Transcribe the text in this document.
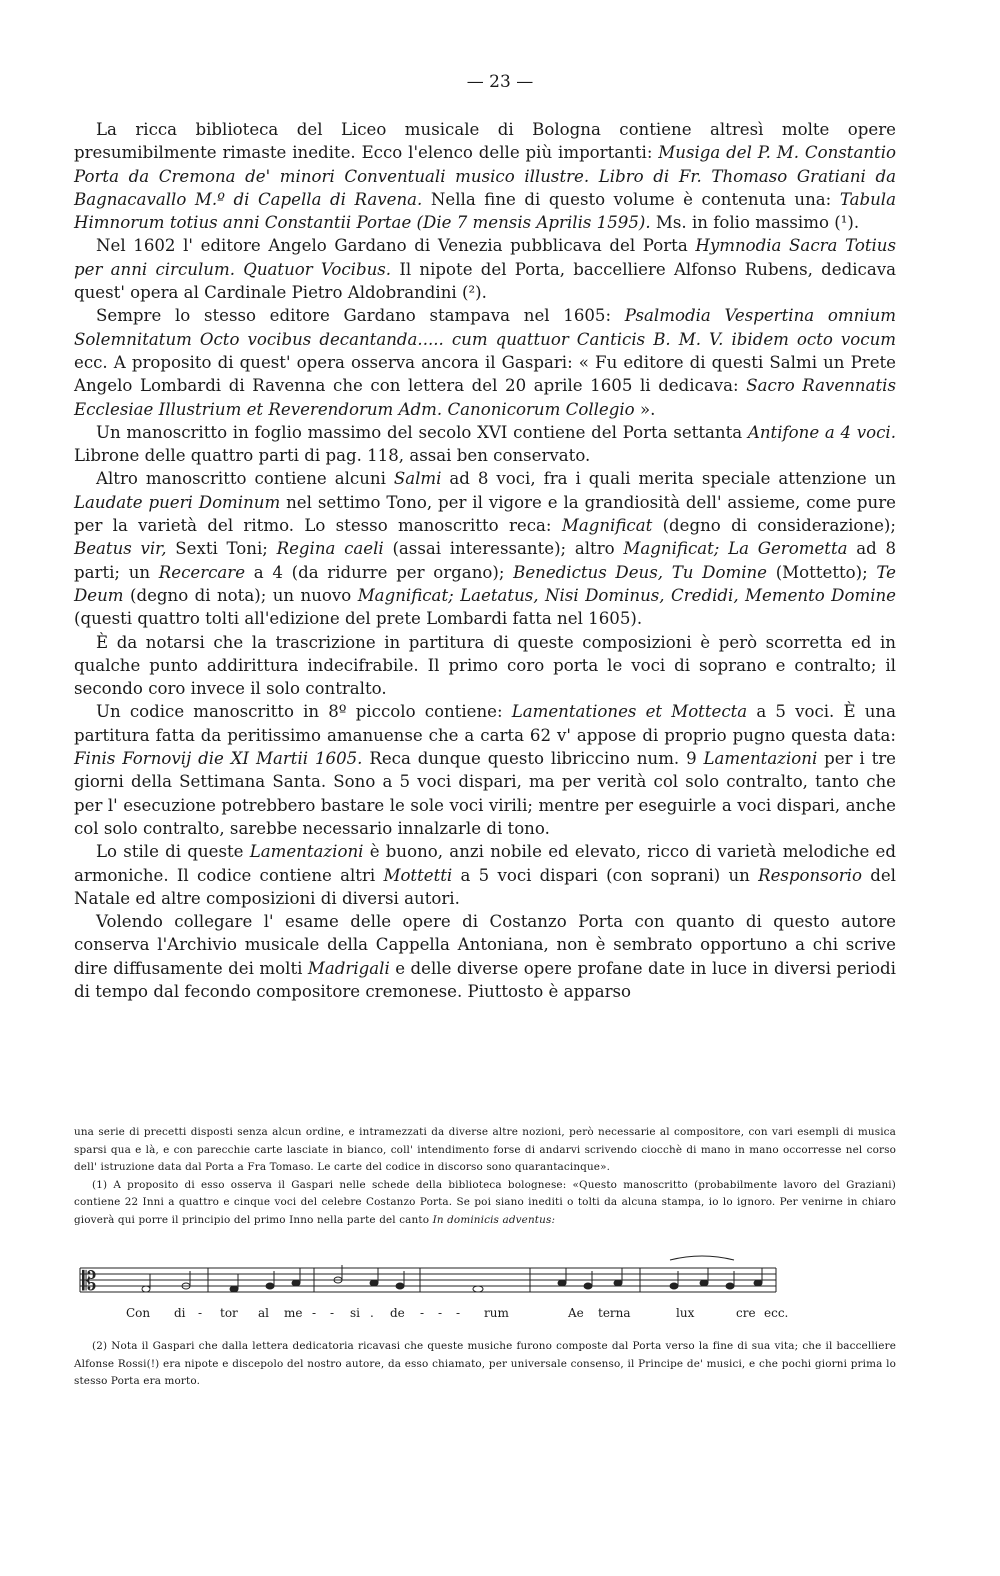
— 23 —

La ricca biblioteca del Liceo musicale di Bologna contiene altresì molte opere presumibilmente rimaste inedite. Ecco l'elenco delle più importanti: Musiga del P. M. Constantio Porta da Cremona de' minori Conventuali musico illustre. Libro di Fr. Thomaso Gratiani da Bagnacavallo M.º di Capella di Ravena. Nella fine di questo volume è contenuta una: Tabula Himnorum totius anni Constantii Portae (Die 7 mensis Aprilis 1595). Ms. in folio massimo (¹).

Nel 1602 l' editore Angelo Gardano di Venezia pubblicava del Porta Hymnodia Sacra Totius per anni circulum. Quatuor Vocibus. Il nipote del Porta, baccelliere Alfonso Rubens, dedicava quest' opera al Cardinale Pietro Aldobrandini (²).

Sempre lo stesso editore Gardano stampava nel 1605: Psalmodia Vespertina omnium Solemnitatum Octo vocibus decantanda..... cum quattuor Canticis B. M. V. ibidem octo vocum ecc. A proposito di quest' opera osserva ancora il Gaspari: « Fu editore di questi Salmi un Prete Angelo Lombardi di Ravenna che con lettera del 20 aprile 1605 li dedicava: Sacro Ravennatis Ecclesiae Illustrium et Reverendorum Adm. Canonicorum Collegio ».

Un manoscritto in foglio massimo del secolo XVI contiene del Porta settanta Antifone a 4 voci. Librone delle quattro parti di pag. 118, assai ben conservato.

Altro manoscritto contiene alcuni Salmi ad 8 voci, fra i quali merita speciale attenzione un Laudate pueri Dominum nel settimo Tono, per il vigore e la grandiosità dell' assieme, come pure per la varietà del ritmo. Lo stesso manoscritto reca: Magnificat (degno di considerazione); Beatus vir, Sexti Toni; Regina caeli (assai interessante); altro Magnificat; La Gerometta ad 8 parti; un Recercare a 4 (da ridurre per organo); Benedictus Deus, Tu Domine (Mottetto); Te Deum (degno di nota); un nuovo Magnificat; Laetatus, Nisi Dominus, Credidi, Memento Domine (questi quattro tolti all'edizione del prete Lombardi fatta nel 1605).

È da notarsi che la trascrizione in partitura di queste composizioni è però scorretta ed in qualche punto addirittura indecifrabile. Il primo coro porta le voci di soprano e contralto; il secondo coro invece il solo contralto.

Un codice manoscritto in 8º piccolo contiene: Lamentationes et Mottecta a 5 voci. È una partitura fatta da peritissimo amanuense che a carta 62 v' appose di proprio pugno questa data: Finis Fornovij die XI Martii 1605. Reca dunque questo libriccino num. 9 Lamentazioni per i tre giorni della Settimana Santa. Sono a 5 voci dispari, ma per verità col solo contralto, tanto che per l' esecuzione potrebbero bastare le sole voci virili; mentre per eseguirle a voci dispari, anche col solo contralto, sarebbe necessario innalzarle di tono.

Lo stile di queste Lamentazioni è buono, anzi nobile ed elevato, ricco di varietà melodiche ed armoniche. Il codice contiene altri Mottetti a 5 voci dispari (con soprani) un Responsorio del Natale ed altre composizioni di diversi autori.

Volendo collegare l' esame delle opere di Costanzo Porta con quanto di questo autore conserva l'Archivio musicale della Cappella Antoniana, non è sembrato opportuno a chi scrive dire diffusamente dei molti Madrigali e delle diverse opere profane date in luce in diversi periodi di tempo dal fecondo compositore cremonese. Piuttosto è apparso

una serie di precetti disposti senza alcun ordine, e intramezzati da diverse altre nozioni, però necessarie al compositore, con vari esempli di musica sparsi qua e là, e con parecchie carte lasciate in bianco, coll' intendimento forse di andarvi scrivendo ciocchè di mano in mano occorresse nel corso dell' istruzione data dal Porta a Fra Tomaso. Le carte del codice in discorso sono quarantacinque».

(1) A proposito di esso osserva il Gaspari nelle schede della biblioteca bolognese: «Questo manoscritto (probabilmente lavoro del Graziani) contiene 22 Inni a quattro e cinque voci del celebre Costanzo Porta. Se poi siano inediti o tolti da alcuna stampa, io lo ignoro. Per venirne in chiaro gioverà qui porre il principio del primo Inno nella parte del canto In dominicis adventus:

𝄡
Con di - tor al me - - si . de - - - rum	Ae terna	lux	cre ecc.

(2) Nota il Gaspari che dalla lettera dedicatoria ricavasi che queste musiche furono composte dal Porta verso la fine di sua vita; che il baccelliere Alfonse Rossi(!) era nipote e discepolo del nostro autore, da esso chiamato, per universale consenso, il Principe de' musici, e che pochi giorni prima lo stesso Porta era morto.
